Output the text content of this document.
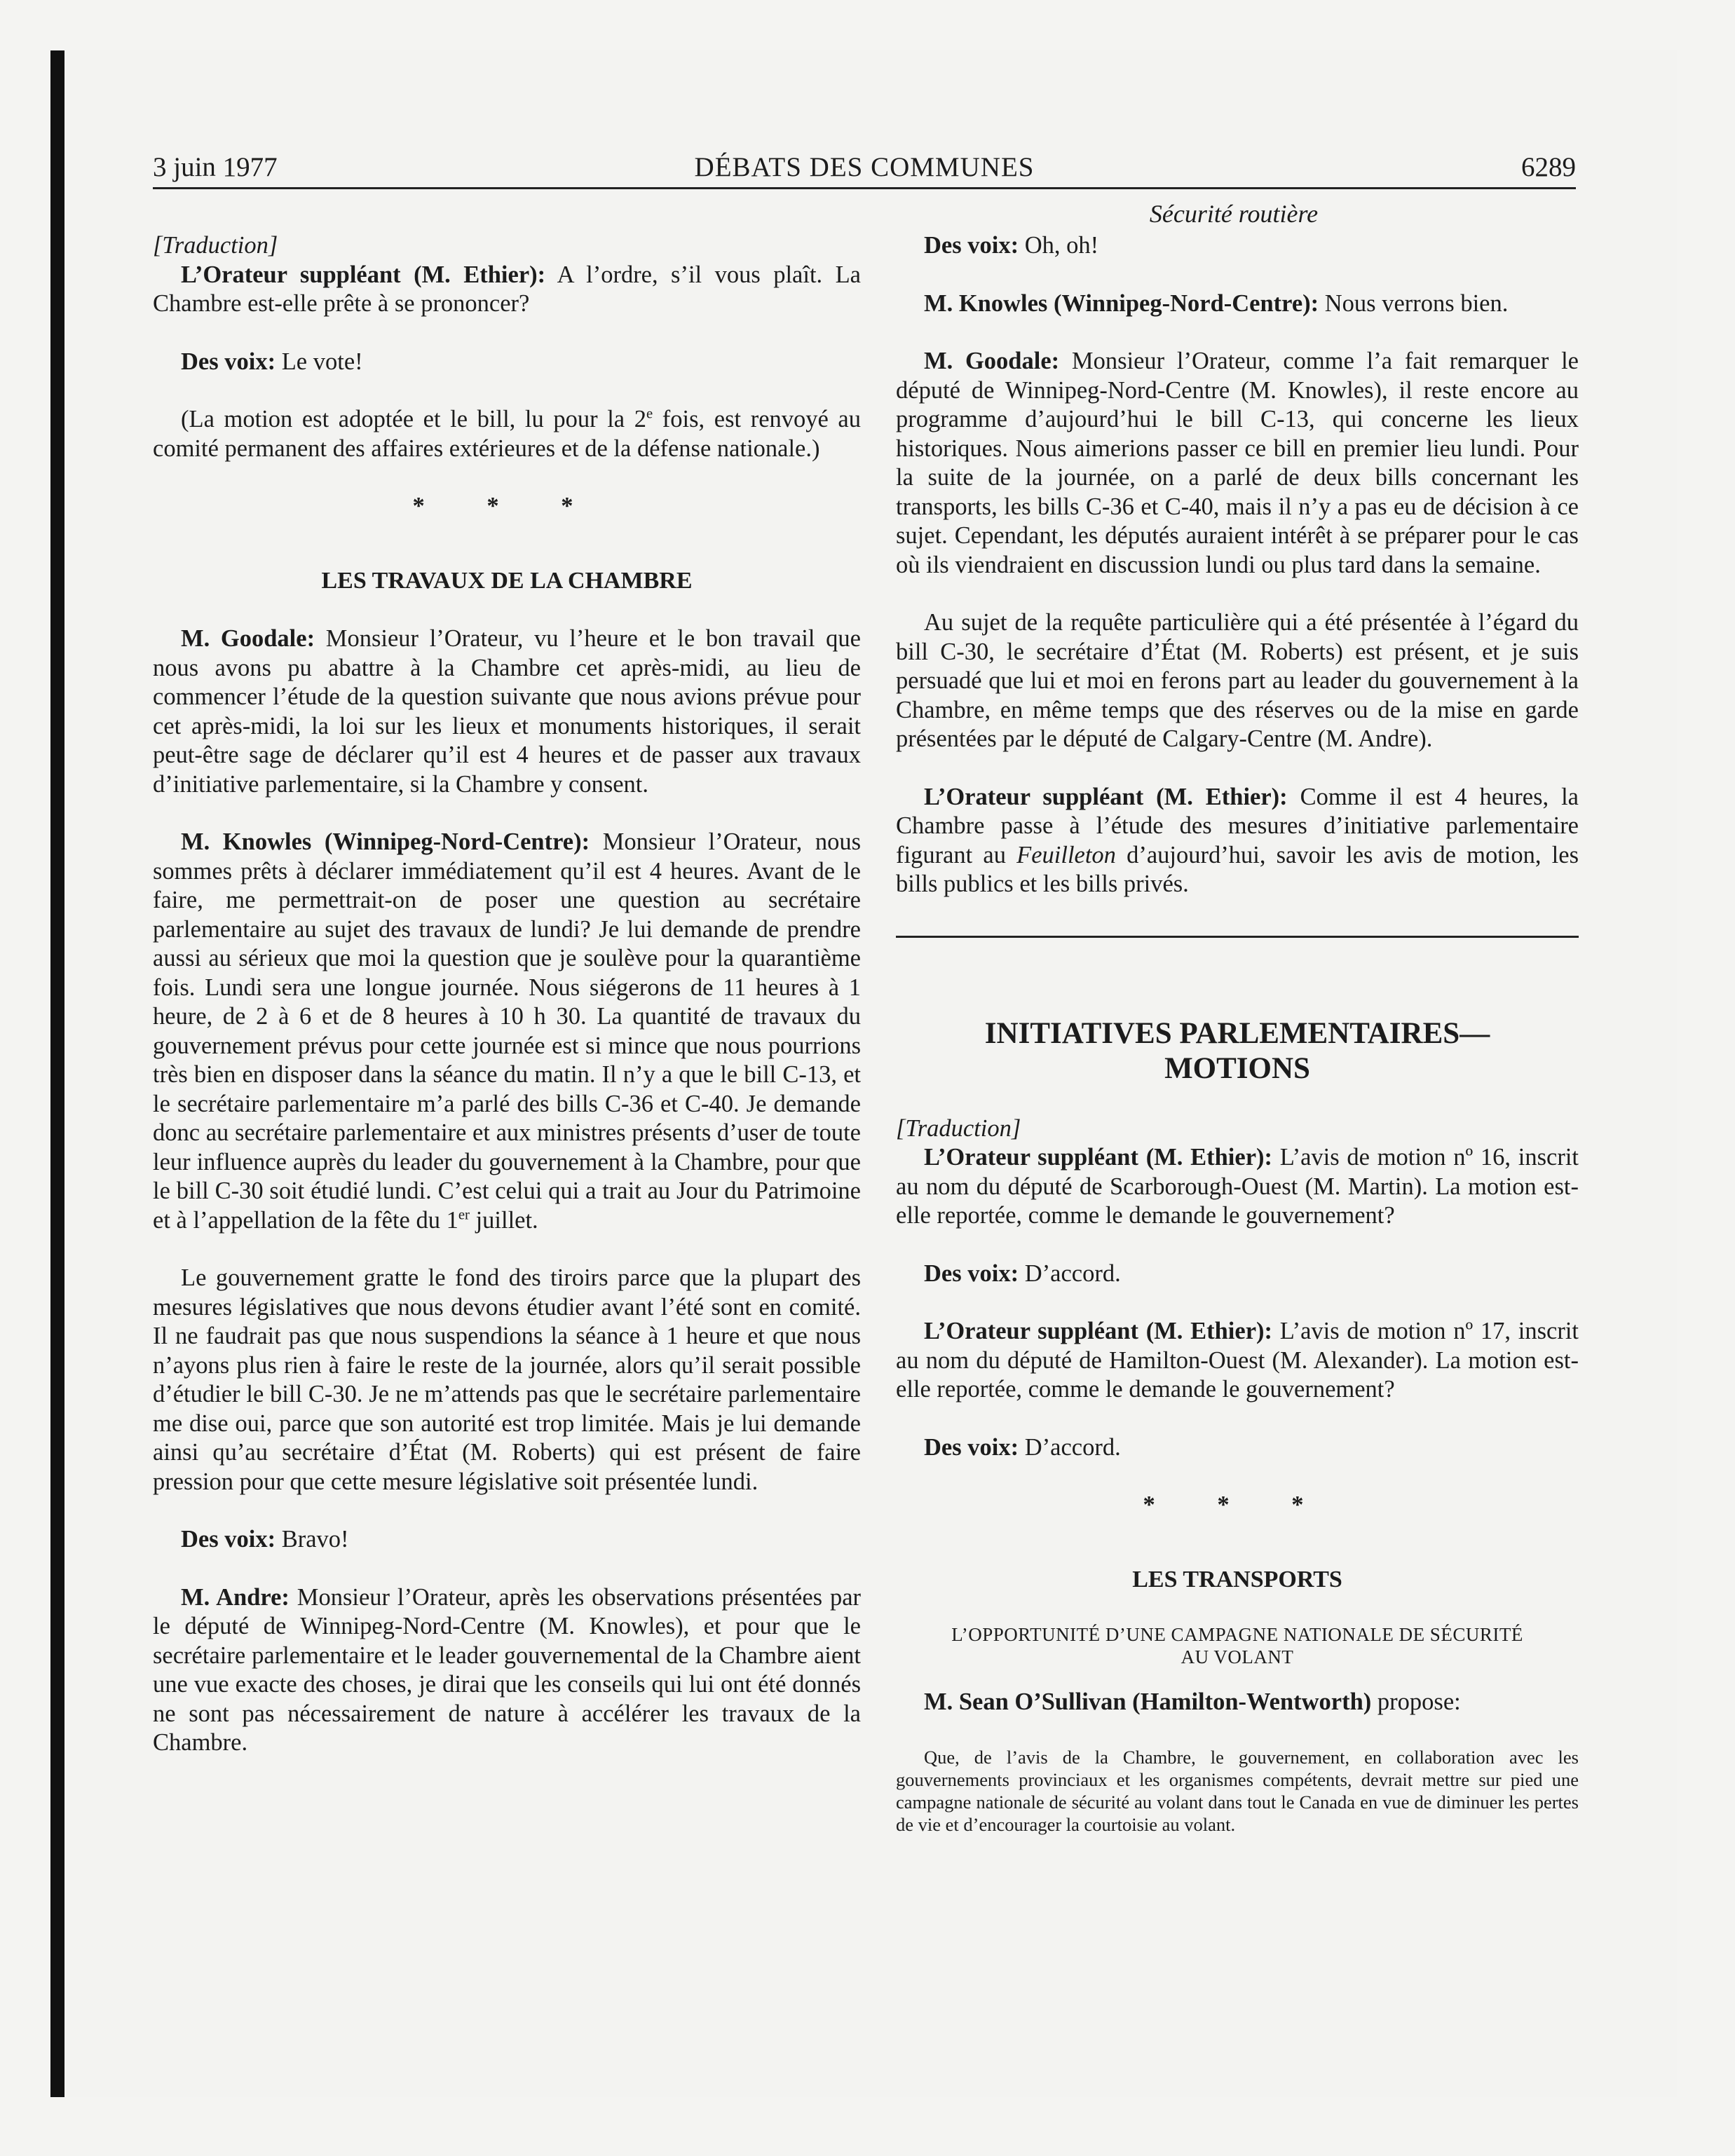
3 juin 1977	DÉBATS DES COMMUNES	6289
Sécurité routière

[Traduction]

L’Orateur suppléant (M. Ethier): A l’ordre, s’il vous plaît. La Chambre est-elle prête à se prononcer?

Des voix: Le vote!

(La motion est adoptée et le bill, lu pour la 2e fois, est renvoyé au comité permanent des affaires extérieures et de la défense nationale.)

* * *
LES TRAVAUX DE LA CHAMBRE

M. Goodale: Monsieur l’Orateur, vu l’heure et le bon travail que nous avons pu abattre à la Chambre cet après-midi, au lieu de commencer l’étude de la question suivante que nous avions prévue pour cet après-midi, la loi sur les lieux et monuments historiques, il serait peut-être sage de déclarer qu’il est 4 heures et de passer aux travaux d’initiative parlementaire, si la Chambre y consent.

M. Knowles (Winnipeg-Nord-Centre): Monsieur l’Orateur, nous sommes prêts à déclarer immédiatement qu’il est 4 heures. Avant de le faire, me permettrait-on de poser une question au secrétaire parlementaire au sujet des travaux de lundi? Je lui demande de prendre aussi au sérieux que moi la question que je soulève pour la quarantième fois. Lundi sera une longue journée. Nous siégerons de 11 heures à 1 heure, de 2 à 6 et de 8 heures à 10 h 30. La quantité de travaux du gouvernement prévus pour cette journée est si mince que nous pourrions très bien en disposer dans la séance du matin. Il n’y a que le bill C-13, et le secrétaire parlementaire m’a parlé des bills C-36 et C-40. Je demande donc au secrétaire parlementaire et aux ministres présents d’user de toute leur influence auprès du leader du gouvernement à la Chambre, pour que le bill C-30 soit étudié lundi. C’est celui qui a trait au Jour du Patrimoine et à l’appellation de la fête du 1er juillet.

Le gouvernement gratte le fond des tiroirs parce que la plupart des mesures législatives que nous devons étudier avant l’été sont en comité. Il ne faudrait pas que nous suspendions la séance à 1 heure et que nous n’ayons plus rien à faire le reste de la journée, alors qu’il serait possible d’étudier le bill C-30. Je ne m’attends pas que le secrétaire parlementaire me dise oui, parce que son autorité est trop limitée. Mais je lui demande ainsi qu’au secrétaire d’État (M. Roberts) qui est présent de faire pression pour que cette mesure législative soit présentée lundi.

Des voix: Bravo!

M. Andre: Monsieur l’Orateur, après les observations présentées par le député de Winnipeg-Nord-Centre (M. Knowles), et pour que le secrétaire parlementaire et le leader gouvernemental de la Chambre aient une vue exacte des choses, je dirai que les conseils qui lui ont été donnés ne sont pas nécessairement de nature à accélérer les travaux de la Chambre.

Des voix: Oh, oh!

M. Knowles (Winnipeg-Nord-Centre): Nous verrons bien.

M. Goodale: Monsieur l’Orateur, comme l’a fait remarquer le député de Winnipeg-Nord-Centre (M. Knowles), il reste encore au programme d’aujourd’hui le bill C-13, qui concerne les lieux historiques. Nous aimerions passer ce bill en premier lieu lundi. Pour la suite de la journée, on a parlé de deux bills concernant les transports, les bills C-36 et C-40, mais il n’y a pas eu de décision à ce sujet. Cependant, les députés auraient intérêt à se préparer pour le cas où ils viendraient en discussion lundi ou plus tard dans la semaine.

Au sujet de la requête particulière qui a été présentée à l’égard du bill C-30, le secrétaire d’État (M. Roberts) est présent, et je suis persuadé que lui et moi en ferons part au leader du gouvernement à la Chambre, en même temps que des réserves ou de la mise en garde présentées par le député de Calgary-Centre (M. Andre).

L’Orateur suppléant (M. Ethier): Comme il est 4 heures, la Chambre passe à l’étude des mesures d’initiative parlementaire figurant au Feuilleton d’aujourd’hui, savoir les avis de motion, les bills publics et les bills privés.

INITIATIVES PARLEMENTAIRES—
MOTIONS

[Traduction]

L’Orateur suppléant (M. Ethier): L’avis de motion nº 16, inscrit au nom du député de Scarborough-Ouest (M. Martin). La motion est-elle reportée, comme le demande le gouvernement?

Des voix: D’accord.

L’Orateur suppléant (M. Ethier): L’avis de motion nº 17, inscrit au nom du député de Hamilton-Ouest (M. Alexander). La motion est-elle reportée, comme le demande le gouvernement?

Des voix: D’accord.

* * *
LES TRANSPORTS
L’OPPORTUNITÉ D’UNE CAMPAGNE NATIONALE DE SÉCURITÉ
AU VOLANT

M. Sean O’Sullivan (Hamilton-Wentworth) propose:

Que, de l’avis de la Chambre, le gouvernement, en collaboration avec les gouvernements provinciaux et les organismes compétents, devrait mettre sur pied une campagne nationale de sécurité au volant dans tout le Canada en vue de diminuer les pertes de vie et d’encourager la courtoisie au volant.
